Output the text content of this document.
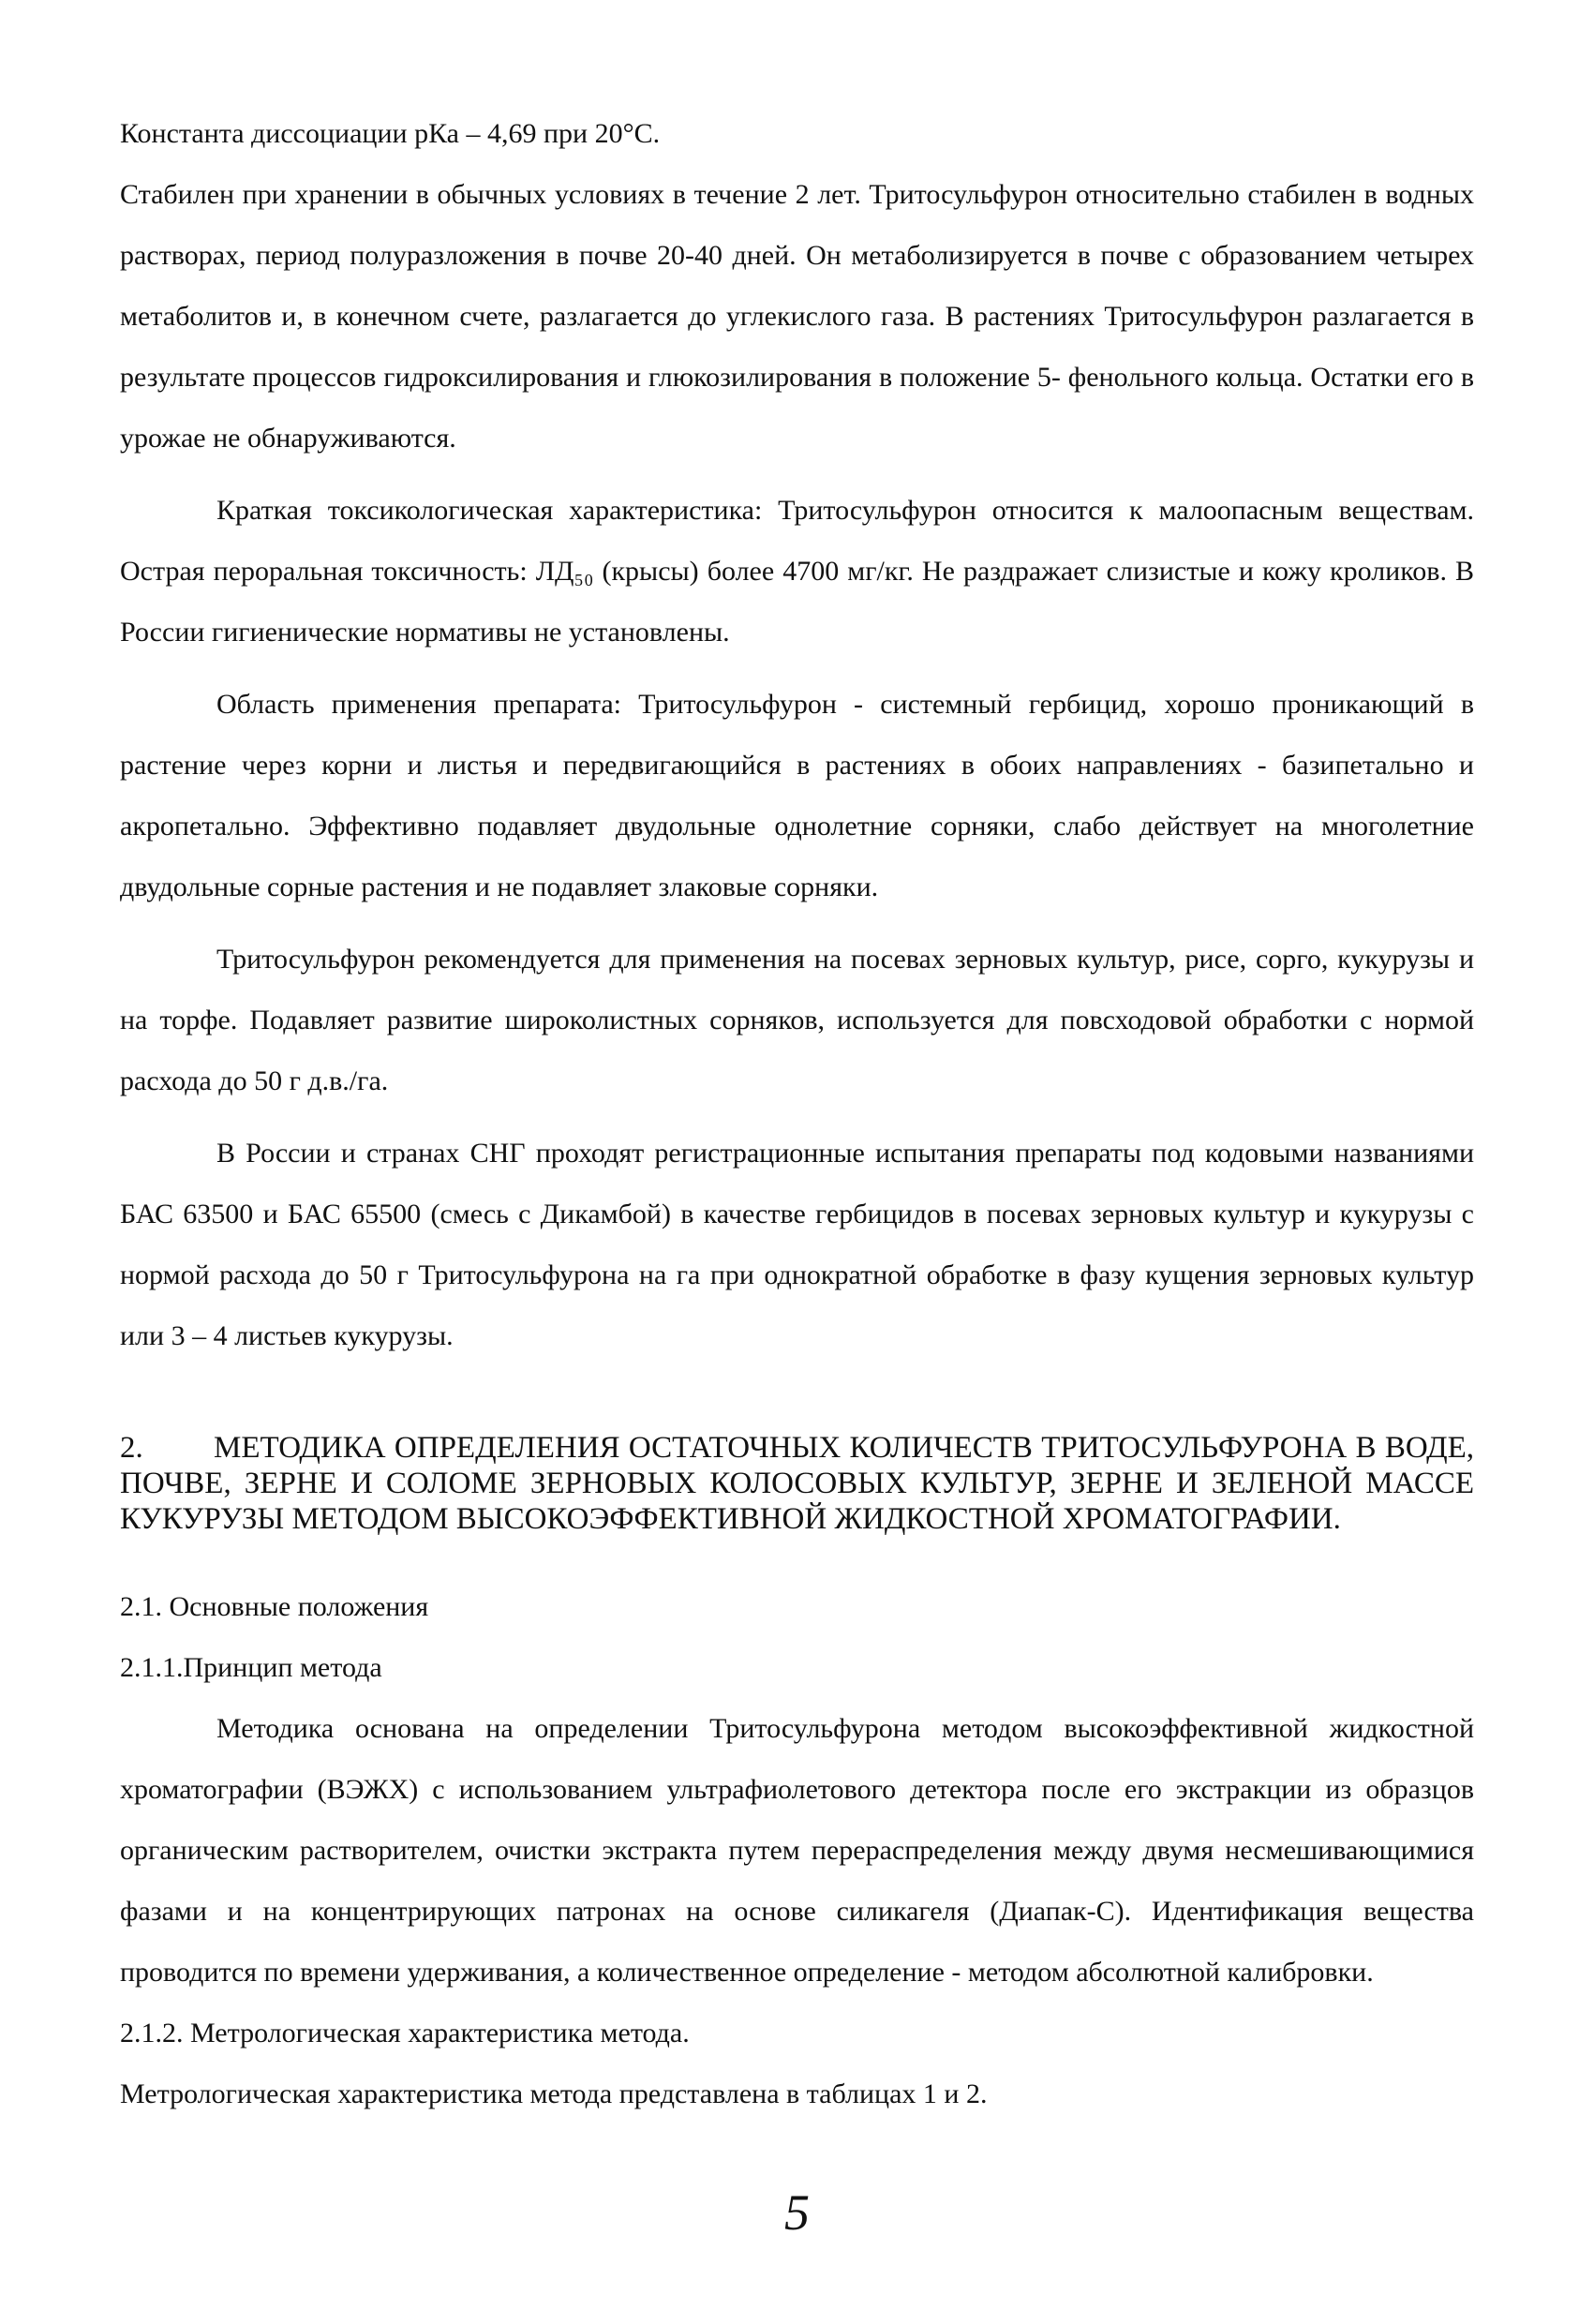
Константа диссоциации рКа – 4,69 при 20°С.

Стабилен при хранении в обычных условиях в течение 2 лет. Тритосульфурон относительно стабилен в водных растворах, период полуразложения в почве 20-40 дней. Он метаболизируется в почве с образованием четырех метаболитов и, в конечном счете, разлагается до углекислого газа. В растениях Тритосульфурон разлагается в результате процессов гидроксилирования и глюкозилирования в положение 5- фенольного кольца. Остатки его в урожае не обнаруживаются.

Краткая токсикологическая характеристика: Тритосульфурон относится к малоопасным веществам. Острая пероральная токсичность: ЛД₅₀ (крысы) более 4700 мг/кг. Не раздражает слизистые и кожу кроликов. В России гигиенические нормативы не установлены.

Область применения препарата: Тритосульфурон - системный гербицид, хорошо проникающий в растение через корни и листья и передвигающийся в растениях в обоих направлениях - базипетально и акропетально. Эффективно подавляет двудольные однолетние сорняки, слабо действует на многолетние двудольные сорные растения и не подавляет злаковые сорняки.

Тритосульфурон рекомендуется для применения на посевах зерновых культур, рисе, сорго, кукурузы и на торфе. Подавляет развитие широколистных сорняков, используется для повсходовой обработки с нормой расхода до 50 г д.в./га.

В России и странах СНГ проходят регистрационные испытания препараты под кодовыми названиями БАС 63500 и БАС 65500 (смесь с Дикамбой) в качестве гербицидов в посевах зерновых культур и кукурузы с нормой расхода до 50 г Тритосульфурона на га при однократной обработке в фазу кущения зерновых культур или 3 – 4 листьев кукурузы.

2. МЕТОДИКА ОПРЕДЕЛЕНИЯ ОСТАТОЧНЫХ КОЛИЧЕСТВ ТРИТОСУЛЬФУРОНА В ВОДЕ, ПОЧВЕ, ЗЕРНЕ И СОЛОМЕ ЗЕРНОВЫХ КОЛОСОВЫХ КУЛЬТУР, ЗЕРНЕ И ЗЕЛЕНОЙ МАССЕ КУКУРУЗЫ МЕТОДОМ ВЫСОКОЭФФЕКТИВНОЙ ЖИДКОСТНОЙ ХРОМАТОГРАФИИ.

2.1. Основные положения

2.1.1.Принцип метода

Методика основана на определении Тритосульфурона методом высокоэффективной жидкостной хроматографии (ВЭЖХ) с использованием ультрафиолетового детектора после его экстракции из образцов органическим растворителем, очистки экстракта путем перераспределения между двумя несмешивающимися фазами и на концентрирующих патронах на основе силикагеля (Диапак-С). Идентификация вещества проводится по времени удерживания, а количественное определение - методом абсолютной калибровки.

2.1.2. Метрологическая характеристика метода.

Метрологическая характеристика метода представлена в таблицах 1 и 2.

5
